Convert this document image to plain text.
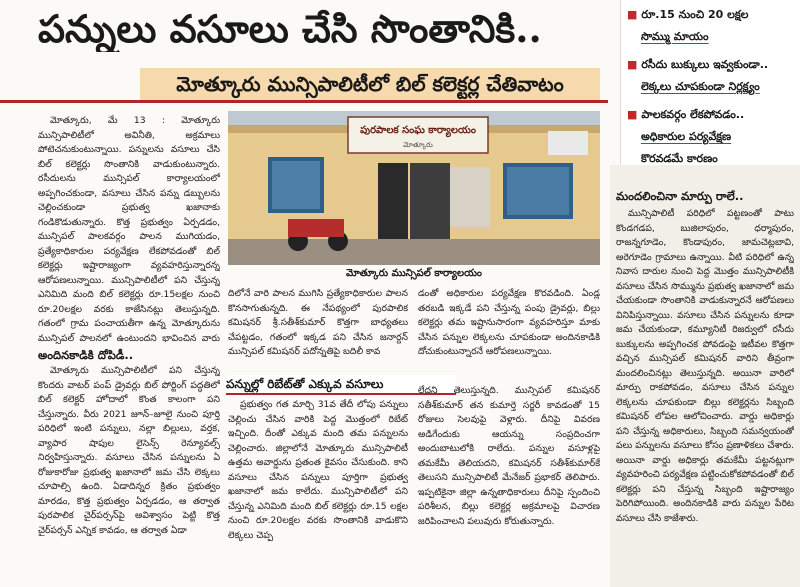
పన్నులు వసూలు చేసి సొంతానికి..
మోత్కూరు మున్సిపాలిటీలో బిల్ కలెక్టర్ల చేతివాటం
■ రూ.15 నుంచి 20 లక్షల
సొమ్ము మాయం
■ రసీదు బుక్కులు ఇవ్వకుండా..
లెక్కలు చూపకుండా నిర్లక్ష్యం
■ పాలకవర్గం లేకపోవడం..
అధికారుల పర్యవేక్షణ
కొరవడమే కారణం

మోత్కూరు, మే 13 : మోత్కూరు మున్సిపాలిటీలో అవినీతి, అక్రమాలు పోటెచనుకుంటున్నాయి. పన్నులను వసూలు చేసి బిల్ కలెక్టర్లు సొంతానికి వాడుకుంటున్నారు. రసీదులను మున్సిపల్ కార్యాలయంలో అప్పగించకుండా, వసూలు చేసిన పన్ను డబ్బులను చెల్లించకుండా ప్రభుత్వ ఖజానాకు గండికొడుతున్నారు. కొత్త ప్రభుత్వం ఏర్పడడం, మున్సిపల్ పాలకవర్గం పాలన ముగియడం, ప్రత్యేకాధికారుల పర్యవేక్షణ లేకపోవడంతో బిల్ కలెక్టర్లు ఇష్టారాజ్యంగా వ్యవహరిస్తున్నారన్న ఆరోపణలున్నాయి. మున్సిపాలిటీలో పని చేస్తున్న ఎనిమిది మంది బిల్ కలెక్టర్లు రూ.15లక్షల నుంచి రూ.20లక్షల వరకు కాజేసినట్లు తెలుస్తున్నది. గతంలో గ్రామ పంచాయతీగా ఉన్న మోత్కూరును మున్సిపల్ పాలనలో ఉంటుందని భావించిన వారు

అందినకాడికి దోపిడీ..

మోత్కూరు మున్సిపాలిటీలో పని చేస్తున్న కొందరు వాటర్ పంప్ డ్రైవర్లు బిల్ పోర్టింగ్ పద్ధతిలో బిల్ కలెక్టర్ హోదాలో కొంత కాలంగా పని చేస్తున్నారు. వీరు 2021 జూన్–జూలై నుంచి పూర్తి పరిధిలో ఇంటి పన్నులు, నల్లా బిల్లులు, వర్తక, వ్యాపార షాపుల లైసెన్స్ రెన్యూవల్స్ నిర్వహిస్తున్నారు. వసూలు చేసిన పన్నులను ఏ రోజుకారోజు ప్రభుత్వ ఖజానాలో జమ చేసి లెక్కలు చూపాల్సి ఉంది. ఏడాదిన్నర క్రితం ప్రభుత్వం మారడం, కొత్త ప్రభుత్వం ఏర్పడడం, ఆ తర్వాత పురపాలిక చైర్‌పర్సన్‌పై అవిశ్వాసం పెట్టి కొత్త చైర్‌పర్సన్ ఎన్నిక కావడం, ఆ తర్వాత ఏడా

పురపాలక సంఘ కార్యాలయం
మోత్కూరు
మోత్కూరు మున్సిపల్ కార్యాలయం

దిలోనే వారి పాలన ముగిసి ప్రత్యేకాధికారుల పాలన కొనసాగుతున్నది. ఈ నేపథ్యంలో పురపాలిక కమిషనర్ శ్రీ.సతీశ్‌కుమార్ కొత్తగా బాధ్యతలు చేపట్టడం, గతంలో ఇక్కడ పని చేసిన జనార్దన్ మున్సిపల్ కమిషనర్ పదోన్నతిపై బదిలీ కావ

డంతో అధికారుల పర్యవేక్షణ కొరవడింది. ఏండ్ల తరబడి ఇక్కడే పని చేస్తున్న పంపు డ్రైవర్లు, బిల్లు కలెక్టర్లు తమ ఇష్టానుసారంగా వ్యవహరిస్తూ మాకు చేసిన పన్నుల లెక్కలను చూపకుండా అందినకాడికి దోచుకుంటున్నారనే ఆరోపణలున్నాయి.

పన్నుల్లో రిబేట్‌తో ఎక్కువ వసూలు

ప్రభుత్వం గత మార్చి 31వ తేదీ లోపు పన్నులు చెల్లించు చేసిన వారికి పెద్ద మొత్తంలో రిబేట్ ఇచ్చింది. దీంతో ఎక్కువ మంది తమ పన్నులను చెల్లించారు. జిల్లాలోనే మోత్కూరు మున్సిపాలిటీ ఉత్తమ అవార్డును ప్రతంత కైవసం చేసుకుంది. కాని వసూలు చేసిన పన్నులు పూర్తిగా ప్రభుత్వ ఖజానాలో జమ కాలేదు. మున్సిపాలిటీలో పని చేస్తున్న ఎనిమిది మంది బిల్ కలెక్టర్లు రూ.15 లక్షల నుంచి రూ.20లక్షల వరకు సొంతానికి వాడుకొని లెక్కలు చెప్ప

లేదని తెలుస్తున్నది. మున్సిపల్ కమిషనర్ సతీశ్‌కుమార్ తన కుమార్తె సర్జరీ కావడంతో 15 రోజులు సెలవుపై వెళ్లారు. దీనిపై వివరణ అడిగేందుకు ఆయన్ను సంప్రదించగా అందుబాటులోకి రాలేదు. పన్నుల వసూళ్లపై తమకేమీ తెలియదని, కమిషనర్ సతీశ్‌కుమార్‌కే తెలుసని మున్సిపాలిటీ మేనేజర్ ప్రభాకర్ తెలిపారు. ఇప్పటికైనా జిల్లా ఉన్నతాధికారులు దీనిపై స్పందించి పరిశీలన, బిల్లు కలెక్టర్ల అక్రమాలపై విచారణ జరిపించాలని పలువురు కోరుతున్నారు.

మందలించినా మార్పు రాలే..

మున్సిపాలిటీ పరిధిలో పట్టణంతో పాటు కొండగడప, బుజిలాపురం, ధర్మాపురం, రాజన్నగూడెం, కొండాపురం, జామచెట్లబావి, అరెగూడెం గ్రామాలు ఉన్నాయి. వీటి పరిధిలో ఉన్న నివాస దారుల నుంచి పెద్ద మొత్తం మున్సిపాలిటీకి వసూలు చేసిన సొమ్మును ప్రభుత్వ ఖజానాలో జమ చేయకుండా సొంతానికి వాడుకున్నారనే ఆరోపణలు వినిపిస్తున్నాయి. వసూలు చేసిన పన్నులను కూడా జమ చేయకుండా, కమ్యూనిటీ రిజర్వులో రసీదు బుక్కులను అప్పగించక పోవడంపై ఇటీవల కొత్తగా వచ్చిన మున్సిపల్ కమిషనర్ వారిని తీవ్రంగా మందలించినట్లు తెలుస్తున్నది. అయినా వారిలో మార్పు రాకపోవడం, వసూలు చేసిన పన్నుల లెక్కలను చూపకుండా బిల్లు కలెక్టర్లను సిబ్బంది కమిషనర్ లోపల ఆలోచించారు. వార్డు అధికార్లు పని చేస్తున్న అధికారులు, సిబ్బంది సమన్వయంతో పలు పన్నులను వసూలు కోసం ప్రణాళికలు చేశారు. అయినా వార్డు అధికార్లు తమకేమీ పట్టనట్లుగా వ్యవహరించి పర్యవేక్షణ పట్టించుకోకపోవడంతో బిల్ కలెక్టర్లు పని చేస్తున్న సిబ్బంది ఇష్టారాజ్యం పెరిగిపోయింది. అందినకాడికి వారు పన్నుల పేరిట వసూలు చేసి కాజేశారు.
